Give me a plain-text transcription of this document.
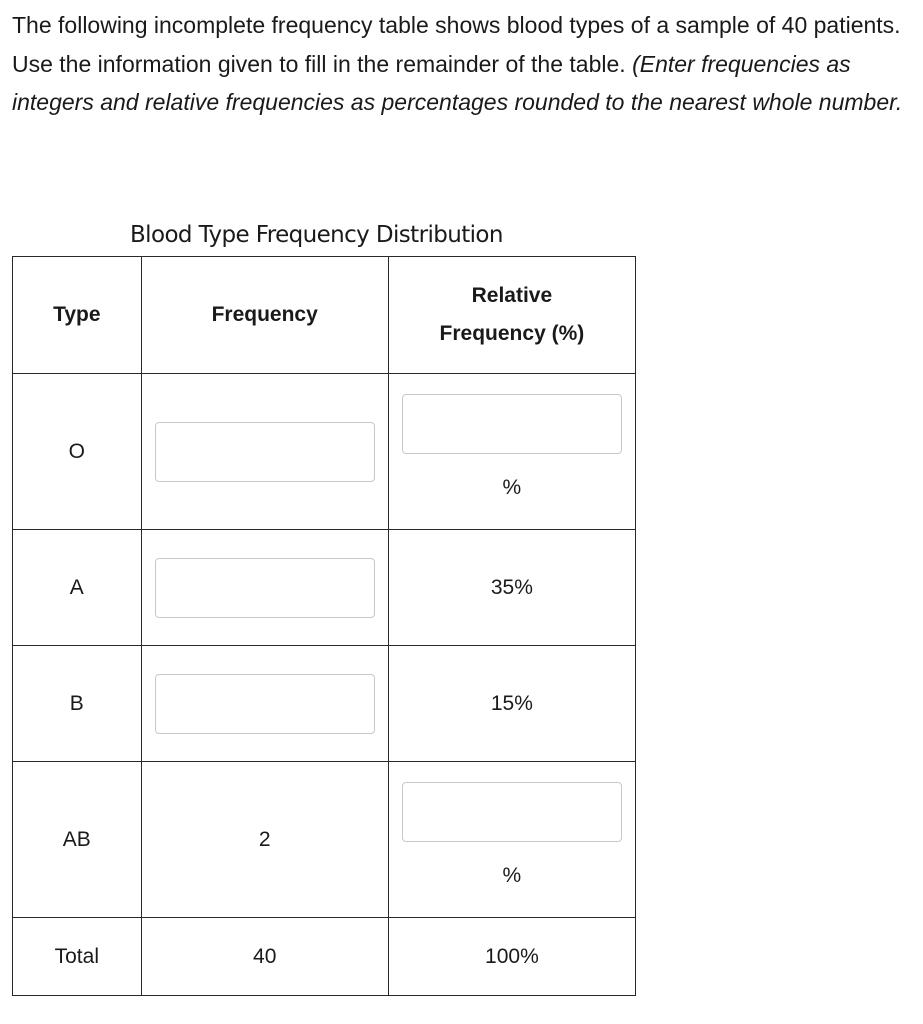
The following incomplete frequency table shows blood types of a sample of 40 patients. Use the information given to fill in the remainder of the table. (Enter frequencies as integers and relative frequencies as percentages rounded to the nearest whole number.

Blood Type Frequency Distribution
Type	Frequency	Relative
Frequency (%)

O		%

A		35%
B		15%
AB	2	%

Total	40	100%
